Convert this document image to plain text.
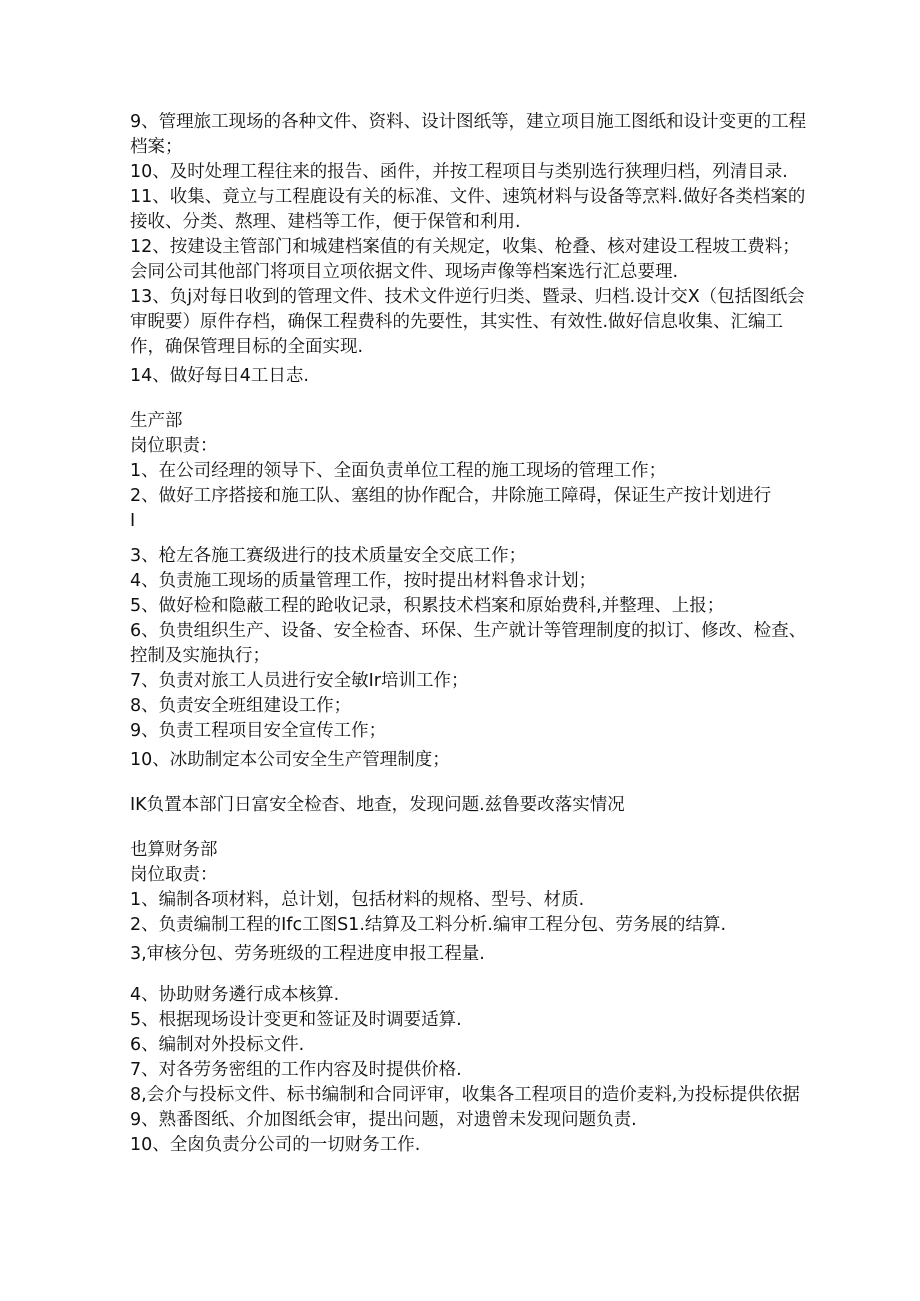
9、管理旅工现场的各种文件、资料、设计图纸等，建立项目施工图纸和设计变更的工程档案；

10、及时处理工程往来的报告、函件，并按工程项目与类别选行狭理归档，列清目录.

11、收集、竟立与工程鹿设有关的标准、文件、速筑材料与设备等烹料.做好各类档案的接收、分类、熬理、建档等工作，便于保管和利用.

12、按建设主管部门和城建档案值的有关规定，收集、枪叠、核对建设工程坡工费料；会同公司其他部门将项目立项依据文件、现场声像等档案选行汇总要理.

13、负j对每日收到的管理文件、技术文件逆行归类、暨录、归档.设计交X（包括图纸会审睨要）原件存档，确保工程费科的先要性，其实性、有效性.做好信息收集、汇编工作，确保管理目标的全面实现.

14、做好每日4工日志.

生产部

岗位职责：

1、在公司经理的领导下、全面负责单位工程的施工现场的管理工作；

2、做好工序搭接和施工队、塞组的协作配合，井除施工障碍，保证生产按计划进行

I

3、枪左各施工赛级进行的技术质量安全交底工作；

4、负责施工现场的质量管理工作，按时提出材料鲁求计划；

5、做好检和隐蔽工程的跄收记录，积累技术档案和原始费科,并整理、上报；

6、负贵组织生产、设备、安全检杳、环保、生产就计等管理制度的拟订、修改、检查、控制及实施执行；

7、负责对旅工人员进行安全敏Ir培训工作；

8、负责安全班组建设工作；

9、负责工程项目安全宣传工作；

10、冰助制定本公司安全生产管理制度；

IK负置本部门日富安全检杳、地查，发现问题.兹鲁要改落实情况

也算财务部

岗位取责：

1、编制各项材料，总计划，包括材料的规格、型号、材质.

2、负责编制工程的Ifc工图S1.结算及工料分析.编审工程分包、劳务展的结算.

3,审核分包、劳务班级的工程进度申报工程量.

4、协助财务遴行成本核算.

5、根据现场设计变更和签证及时调要适算.

6、编制对外投标文件.

7、对各劳务密组的工作内容及时提供价格.

8,会介与投标文件、标书编制和合同评审，收集各工程项目的造价麦料,为投标提供依据

9、熟番图纸、介加图纸会审，提出问题，对遗曾未发现问题负责.

10、全囱负责分公司的一切财务工作.
